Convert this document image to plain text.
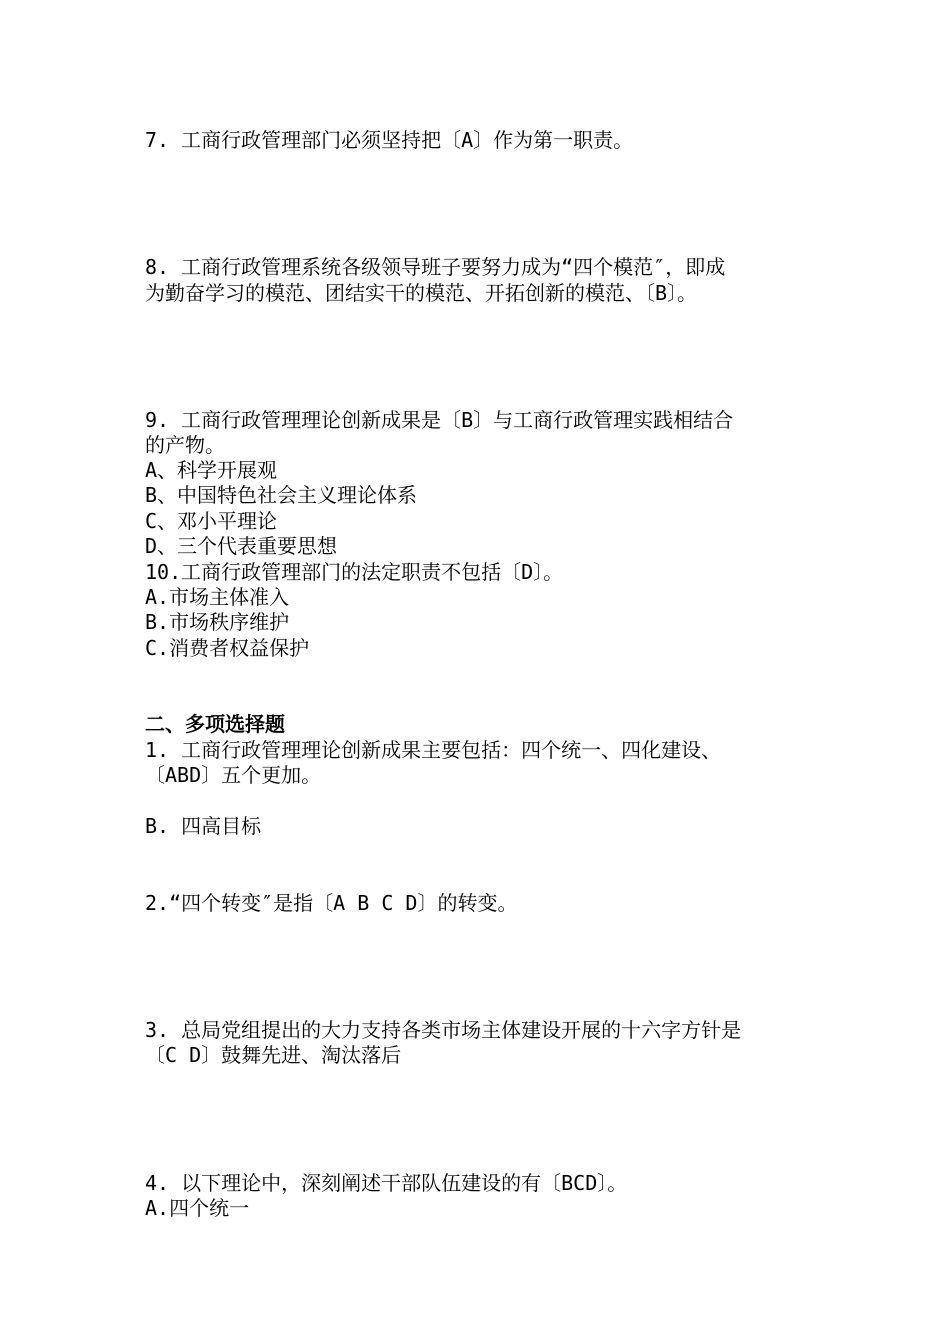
7. 工商行政管理部门必须坚持把〔A〕作为第一职责。
8. 工商行政管理系统各级领导班子要努力成为“四个模范″，即成
为勤奋学习的模范、团结实干的模范、开拓创新的模范、〔B〕。
9. 工商行政管理理论创新成果是〔B〕与工商行政管理实践相结合
的产物。
A、科学开展观
B、中国特色社会主义理论体系
C、邓小平理论
D、三个代表重要思想
10.工商行政管理部门的法定职责不包括〔D〕。
A.市场主体准入
B.市场秩序维护
C.消费者权益保护
二、多项选择题
1. 工商行政管理理论创新成果主要包括：四个统一、四化建设、
〔ABD〕五个更加。
B. 四高目标
2.“四个转变″是指〔A B C D〕的转变。
3. 总局党组提出的大力支持各类市场主体建设开展的十六字方针是
〔C D〕鼓舞先进、淘汰落后
4. 以下理论中，深刻阐述干部队伍建设的有〔BCD〕。
A.四个统一
